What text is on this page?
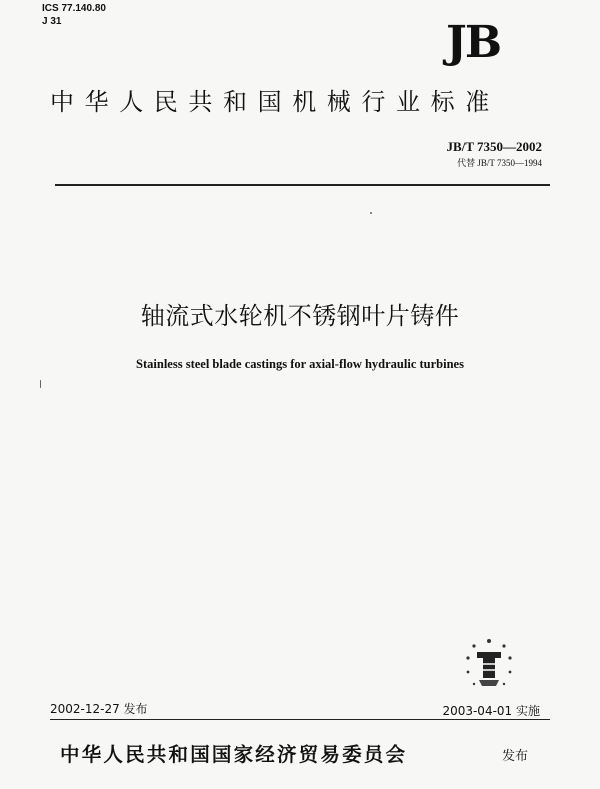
ICS 77.140.80
J 31	JB
中华人民共和国机械行业标准
JB/T 7350—2002
代替 JB/T 7350—1994
轴流式水轮机不锈钢叶片铸件
Stainless steel blade castings for axial-flow hydraulic turbines
2002-12-27 发布	2003-04-01 实施
中华人民共和国国家经济贸易委员会	发布
